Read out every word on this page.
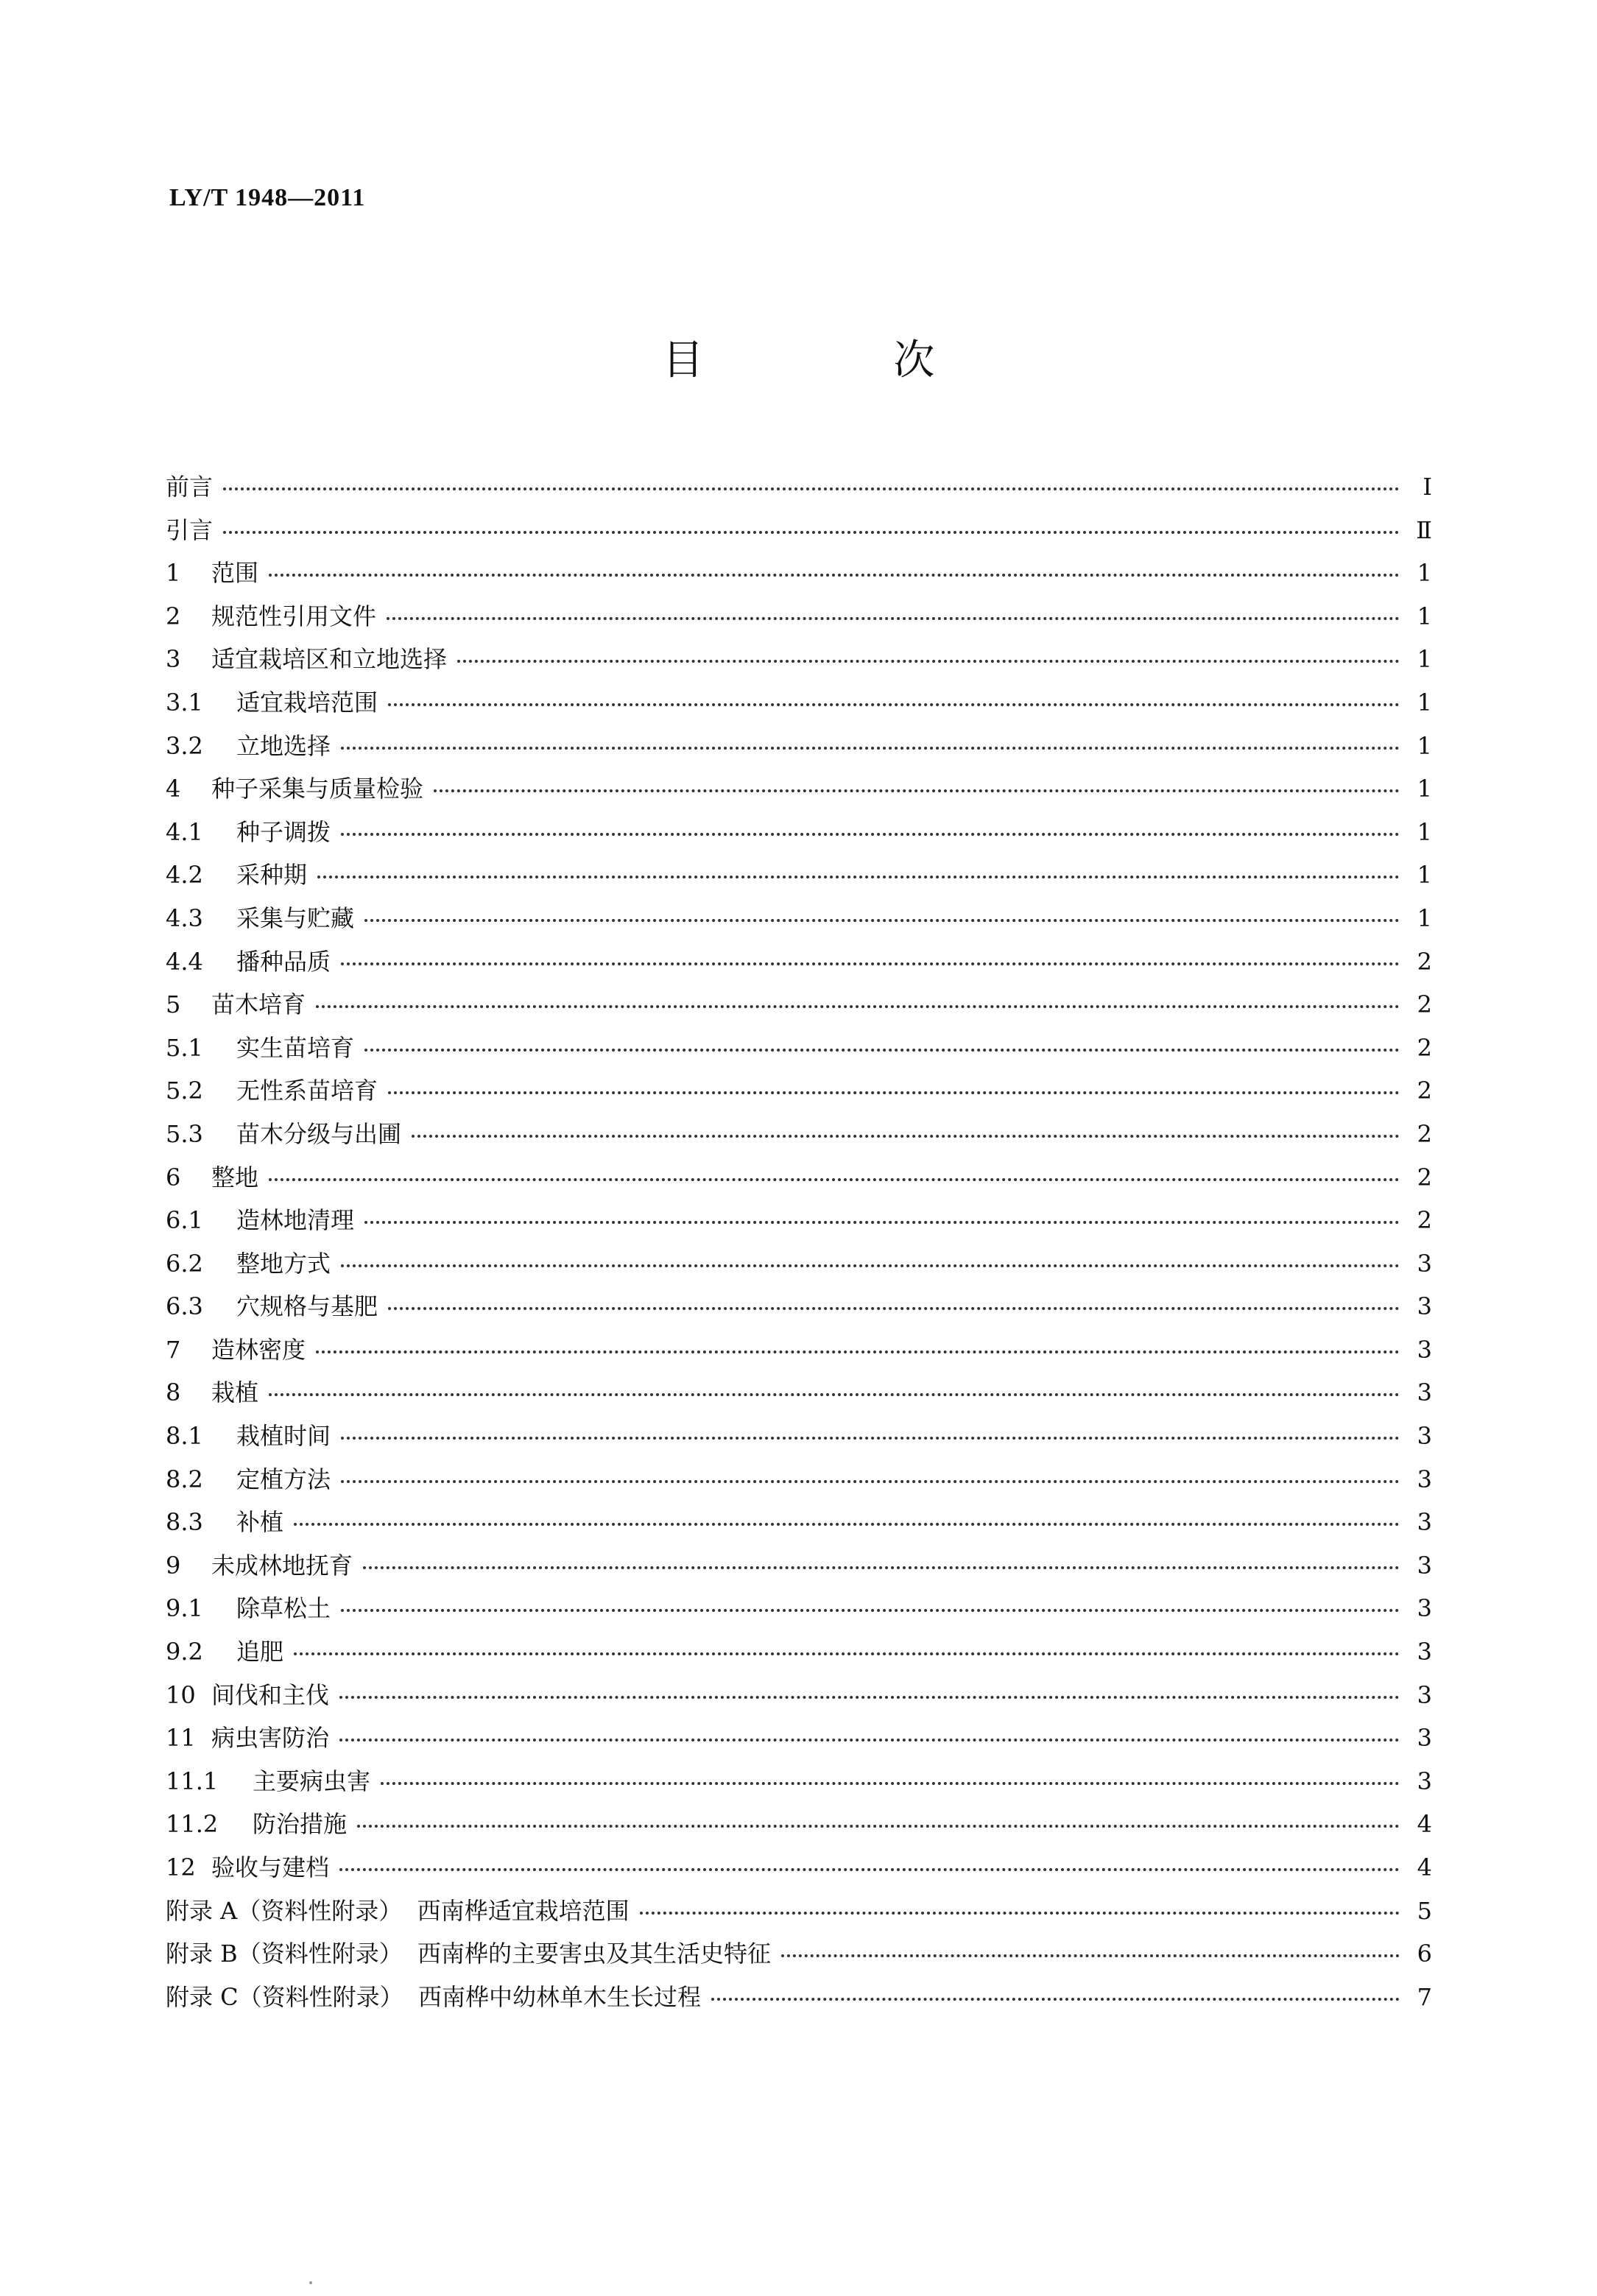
LY/T 1948—2011
目 次
前言	Ⅰ
引言	Ⅱ
1 范围	1
2 规范性引用文件	1
3 适宜栽培区和立地选择	1
3.1 适宜栽培范围	1
3.2 立地选择	1
4 种子采集与质量检验	1
4.1 种子调拨	1
4.2 采种期	1
4.3 采集与贮藏	1
4.4 播种品质	2
5 苗木培育	2
5.1 实生苗培育	2
5.2 无性系苗培育	2
5.3 苗木分级与出圃	2
6 整地	2
6.1 造林地清理	2
6.2 整地方式	3
6.3 穴规格与基肥	3
7 造林密度	3
8 栽植	3
8.1 栽植时间	3
8.2 定植方法	3
8.3 补植	3
9 未成林地抚育	3
9.1 除草松土	3
9.2 追肥	3
10 间伐和主伐	3
11 病虫害防治	3
11.1 主要病虫害	3
11.2 防治措施	4
12 验收与建档	4
附录 A（资料性附录）  西南桦适宜栽培范围	5
附录 B（资料性附录）  西南桦的主要害虫及其生活史特征	6
附录 C（资料性附录）  西南桦中幼林单木生长过程	7
